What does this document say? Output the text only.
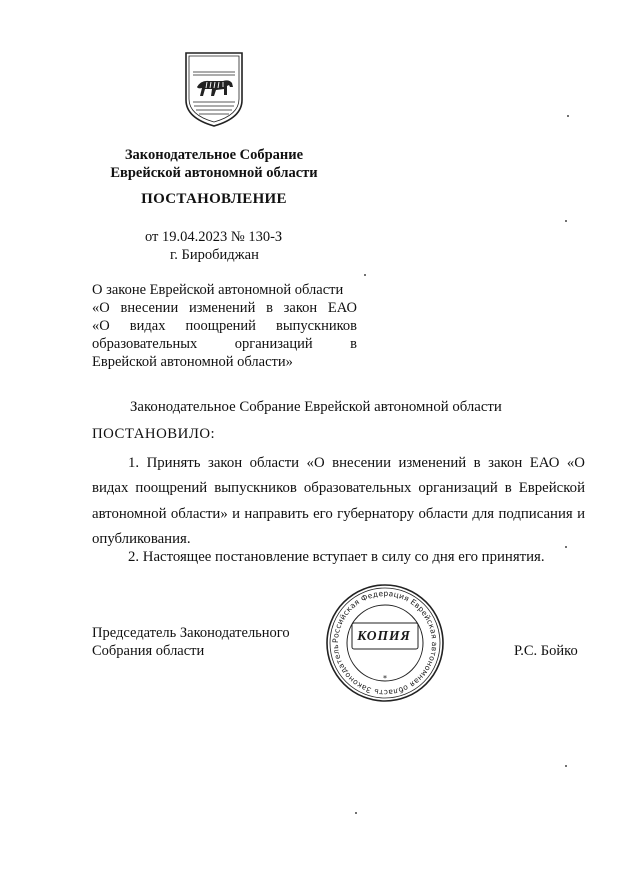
Законодательное Собрание
Еврейской автономной области
ПОСТАНОВЛЕНИЕ
от 19.04.2023 № 130-З
г. Биробиджан
О законе Еврейской автономной области
«О внесении изменений в закон ЕАО
«О видах поощрений выпускников
образовательных организаций в
Еврейской автономной области»
Законодательное Собрание Еврейской автономной области
ПОСТАНОВИЛО:
1. Принять закон области «О внесении изменений в закон ЕАО «О видах поощрений выпускников образовательных организаций в Еврейской автономной области» и направить его губернатору области для подписания и опубликования.
2. Настоящее постановление вступает в силу со дня его принятия.
Председатель Законодательного
Собрания области	Р.С. Бойко
Российская Федерация Еврейская автономная область Законодатель
*
КОПИЯ
